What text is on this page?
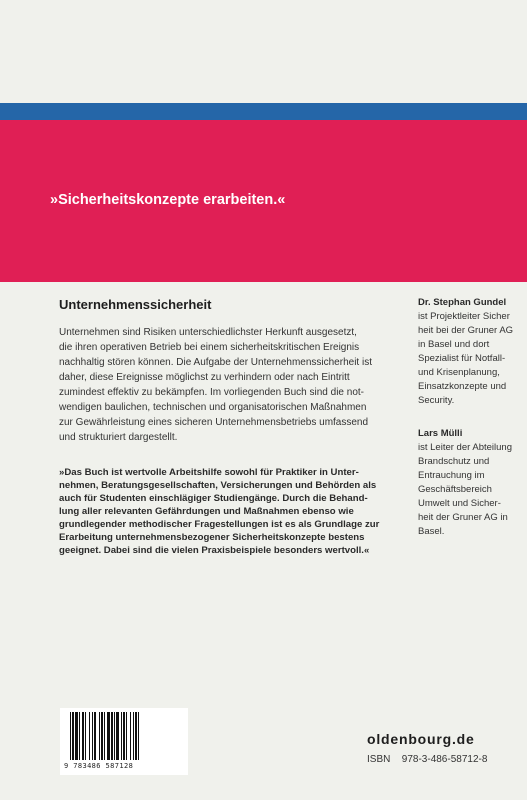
»Sicherheitskonzepte erarbeiten.«
Unternehmenssicherheit
Unternehmen sind Risiken unterschiedlichster Herkunft ausgesetzt,
die ihren operativen Betrieb bei einem sicherheitskritischen Ereignis
nachhaltig stören können. Die Aufgabe der Unternehmenssicherheit ist
daher, diese Ereignisse möglichst zu verhindern oder nach Eintritt
zumindest effektiv zu bekämpfen. Im vorliegenden Buch sind die not-
wendigen baulichen, technischen und organisatorischen Maßnahmen
zur Gewährleistung eines sicheren Unternehmensbetriebs umfassend
und strukturiert dargestellt.
»Das Buch ist wertvolle Arbeitshilfe sowohl für Praktiker in Unter-
nehmen, Beratungsgesellschaften, Versicherungen und Behörden als
auch für Studenten einschlägiger Studiengänge. Durch die Behand-
lung aller relevanten Gefährdungen und Maßnahmen ebenso wie
grundlegender methodischer Fragestellungen ist es als Grundlage zur
Erarbeitung unternehmensbezogener Sicherheitskonzepte bestens
geeignet. Dabei sind die vielen Praxisbeispiele besonders wertvoll.«
Dr. Stephan Gundel
ist Projektleiter Sicher
heit bei der Gruner AG
in Basel und dort
Spezialist für Notfall-
und Krisenplanung,
Einsatzkonzepte und
Security.
Lars Mülli
ist Leiter der Abteilung
Brandschutz und
Entrauchung im
Geschäftsbereich
Umwelt und Sicher-
heit der Gruner AG in
Basel.
9 783486 587128
oldenbourg.de
ISBN 978-3-486-58712-8
